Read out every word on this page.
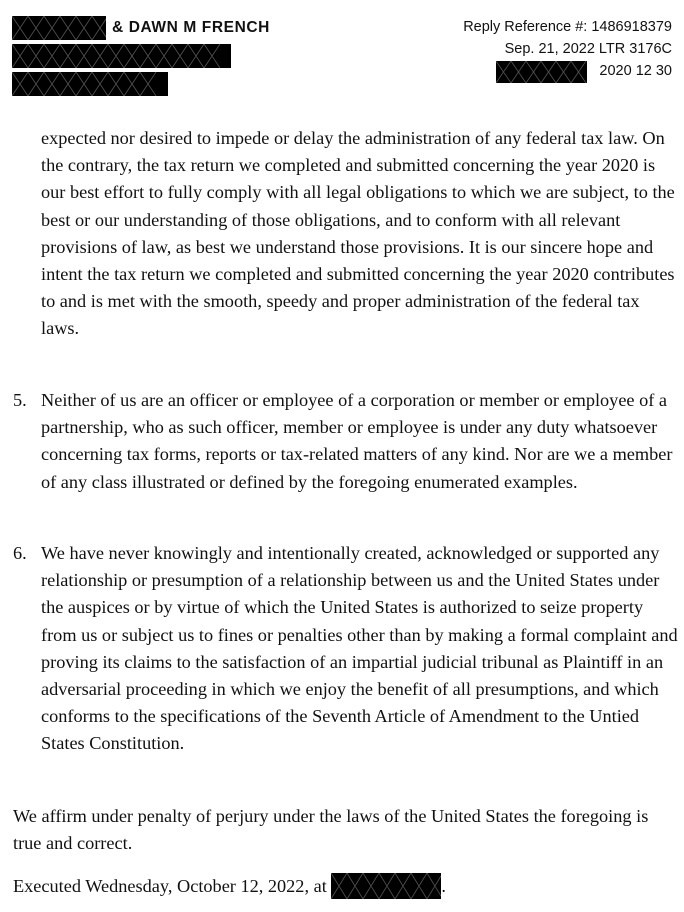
& DAWN M FRENCH	Reply Reference #: 1486918379
Sep. 21, 2022 LTR 3176C
2020 12 30

expected nor desired to impede or delay the administration of any federal tax law. On the contrary, the tax return we completed and submitted concerning the year 2020 is our best effort to fully comply with all legal obligations to which we are subject, to the best or our understanding of those obligations, and to conform with all relevant provisions of law, as best we understand those provisions. It is our sincere hope and intent the tax return we completed and submitted concerning the year 2020 contributes to and is met with the smooth, speedy and proper administration of the federal tax laws.

5. Neither of us are an officer or employee of a corporation or member or employee of a partnership, who as such officer, member or employee is under any duty whatsoever concerning tax forms, reports or tax-related matters of any kind. Nor are we a member of any class illustrated or defined by the foregoing enumerated examples.

6. We have never knowingly and intentionally created, acknowledged or supported any relationship or presumption of a relationship between us and the United States under the auspices or by virtue of which the United States is authorized to seize property from us or subject us to fines or penalties other than by making a formal complaint and proving its claims to the satisfaction of an impartial judicial tribunal as Plaintiff in an adversarial proceeding in which we enjoy the benefit of all presumptions, and which conforms to the specifications of the Seventh Article of Amendment to the Untied States Constitution.

We affirm under penalty of perjury under the laws of the United States the foregoing is true and correct.

Executed Wednesday, October 12, 2022, at	.
